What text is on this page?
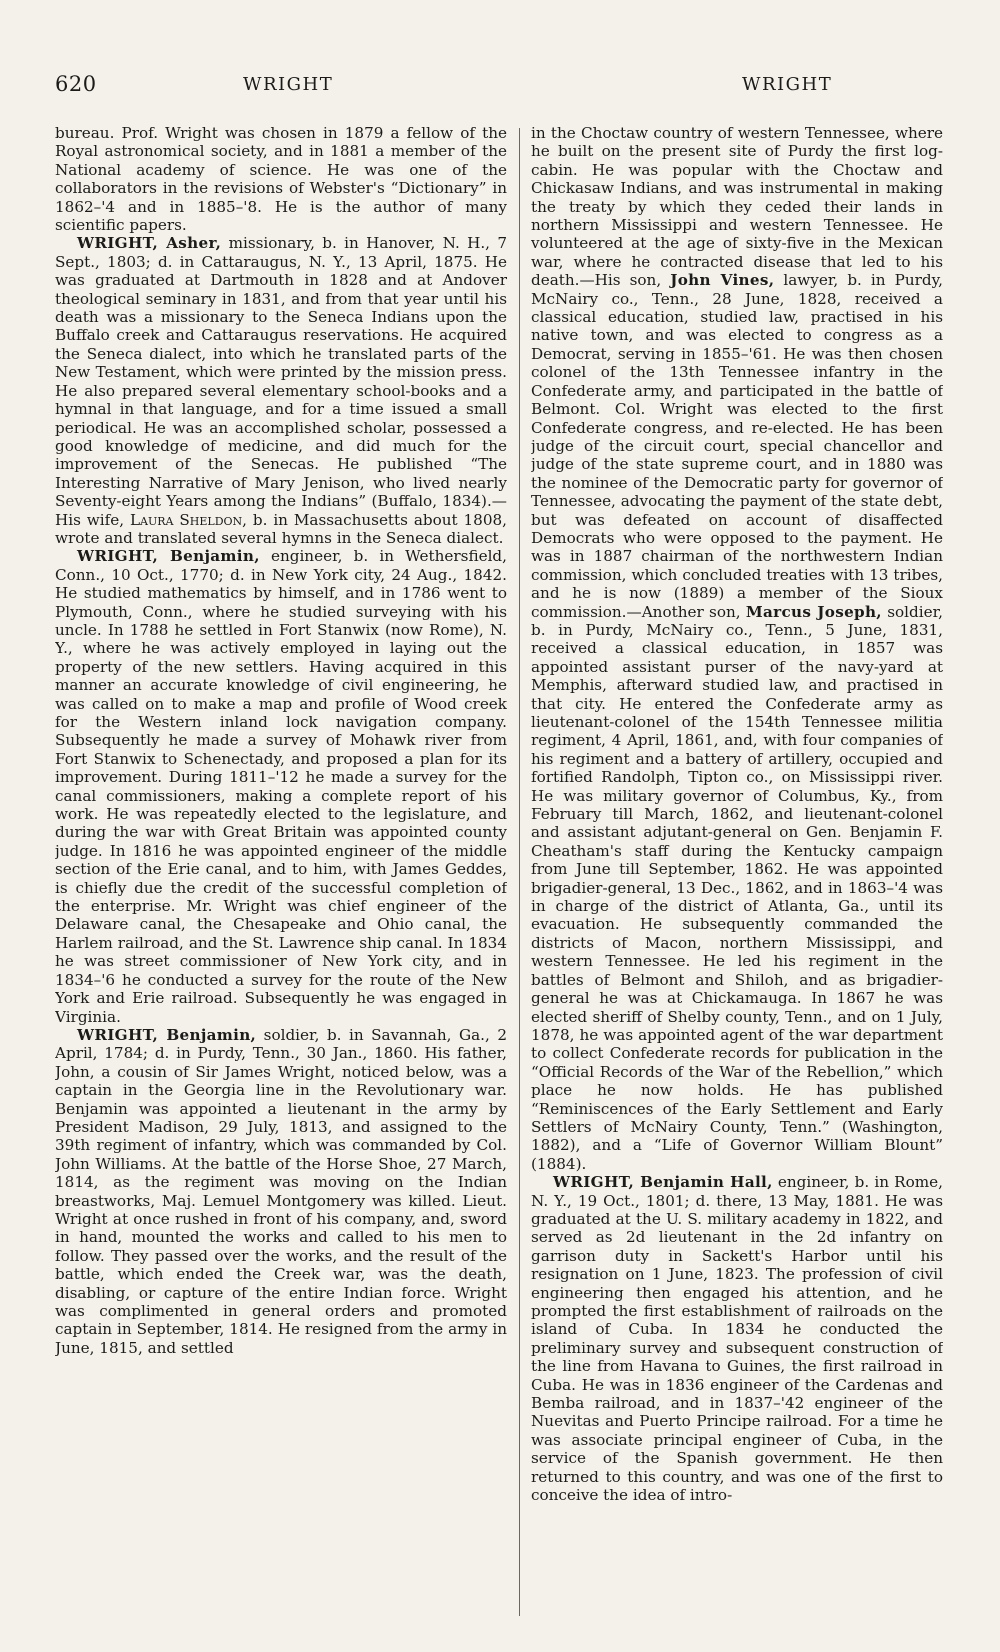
620	WRIGHT	WRIGHT

bureau. Prof. Wright was chosen in 1879 a fellow of the Royal astronomical society, and in 1881 a member of the National academy of science. He was one of the collaborators in the revisions of Webster's “Dictionary” in 1862–'4 and in 1885–'8. He is the author of many scientific papers.

WRIGHT, Asher, missionary, b. in Hanover, N. H., 7 Sept., 1803; d. in Cattaraugus, N. Y., 13 April, 1875. He was graduated at Dartmouth in 1828 and at Andover theological seminary in 1831, and from that year until his death was a missionary to the Seneca Indians upon the Buffalo creek and Cattaraugus reservations. He acquired the Seneca dialect, into which he translated parts of the New Testament, which were printed by the mission press. He also prepared several elementary school-books and a hymnal in that language, and for a time issued a small periodical. He was an accomplished scholar, possessed a good knowledge of medicine, and did much for the improvement of the Senecas. He published “The Interesting Narrative of Mary Jenison, who lived nearly Seventy-eight Years among the Indians” (Buffalo, 1834).—His wife, Laura Sheldon, b. in Massachusetts about 1808, wrote and translated several hymns in the Seneca dialect.

WRIGHT, Benjamin, engineer, b. in Wethersfield, Conn., 10 Oct., 1770; d. in New York city, 24 Aug., 1842. He studied mathematics by himself, and in 1786 went to Plymouth, Conn., where he studied surveying with his uncle. In 1788 he settled in Fort Stanwix (now Rome), N. Y., where he was actively employed in laying out the property of the new settlers. Having acquired in this manner an accurate knowledge of civil engineering, he was called on to make a map and profile of Wood creek for the Western inland lock navigation company. Subsequently he made a survey of Mohawk river from Fort Stanwix to Schenectady, and proposed a plan for its improvement. During 1811–'12 he made a survey for the canal commissioners, making a complete report of his work. He was repeatedly elected to the legislature, and during the war with Great Britain was appointed county judge. In 1816 he was appointed engineer of the middle section of the Erie canal, and to him, with James Geddes, is chiefly due the credit of the successful completion of the enterprise. Mr. Wright was chief engineer of the Delaware canal, the Chesapeake and Ohio canal, the Harlem railroad, and the St. Lawrence ship canal. In 1834 he was street commissioner of New York city, and in 1834–'6 he conducted a survey for the route of the New York and Erie railroad. Subsequently he was engaged in Virginia.

WRIGHT, Benjamin, soldier, b. in Savannah, Ga., 2 April, 1784; d. in Purdy, Tenn., 30 Jan., 1860. His father, John, a cousin of Sir James Wright, noticed below, was a captain in the Georgia line in the Revolutionary war. Benjamin was appointed a lieutenant in the army by President Madison, 29 July, 1813, and assigned to the 39th regiment of infantry, which was commanded by Col. John Williams. At the battle of the Horse Shoe, 27 March, 1814, as the regiment was moving on the Indian breastworks, Maj. Lemuel Montgomery was killed. Lieut. Wright at once rushed in front of his company, and, sword in hand, mounted the works and called to his men to follow. They passed over the works, and the result of the battle, which ended the Creek war, was the death, disabling, or capture of the entire Indian force. Wright was complimented in general orders and promoted captain in September, 1814. He resigned from the army in June, 1815, and settled

in the Choctaw country of western Tennessee, where he built on the present site of Purdy the first log-cabin. He was popular with the Choctaw and Chickasaw Indians, and was instrumental in making the treaty by which they ceded their lands in northern Mississippi and western Tennessee. He volunteered at the age of sixty-five in the Mexican war, where he contracted disease that led to his death.—His son, John Vines, lawyer, b. in Purdy, McNairy co., Tenn., 28 June, 1828, received a classical education, studied law, practised in his native town, and was elected to congress as a Democrat, serving in 1855–'61. He was then chosen colonel of the 13th Tennessee infantry in the Confederate army, and participated in the battle of Belmont. Col. Wright was elected to the first Confederate congress, and re-elected. He has been judge of the circuit court, special chancellor and judge of the state supreme court, and in 1880 was the nominee of the Democratic party for governor of Tennessee, advocating the payment of the state debt, but was defeated on account of disaffected Democrats who were opposed to the payment. He was in 1887 chairman of the northwestern Indian commission, which concluded treaties with 13 tribes, and he is now (1889) a member of the Sioux commission.—Another son, Marcus Joseph, soldier, b. in Purdy, McNairy co., Tenn., 5 June, 1831, received a classical education, in 1857 was appointed assistant purser of the navy-yard at Memphis, afterward studied law, and practised in that city. He entered the Confederate army as lieutenant-colonel of the 154th Tennessee militia regiment, 4 April, 1861, and, with four companies of his regiment and a battery of artillery, occupied and fortified Randolph, Tipton co., on Mississippi river. He was military governor of Columbus, Ky., from February till March, 1862, and lieutenant-colonel and assistant adjutant-general on Gen. Benjamin F. Cheatham's staff during the Kentucky campaign from June till September, 1862. He was appointed brigadier-general, 13 Dec., 1862, and in 1863–'4 was in charge of the district of Atlanta, Ga., until its evacuation. He subsequently commanded the districts of Macon, northern Mississippi, and western Tennessee. He led his regiment in the battles of Belmont and Shiloh, and as brigadier-general he was at Chickamauga. In 1867 he was elected sheriff of Shelby county, Tenn., and on 1 July, 1878, he was appointed agent of the war department to collect Confederate records for publication in the “Official Records of the War of the Rebellion,” which place he now holds. He has published “Reminiscences of the Early Settlement and Early Settlers of McNairy County, Tenn.” (Washington, 1882), and a “Life of Governor William Blount” (1884).

WRIGHT, Benjamin Hall, engineer, b. in Rome, N. Y., 19 Oct., 1801; d. there, 13 May, 1881. He was graduated at the U. S. military academy in 1822, and served as 2d lieutenant in the 2d infantry on garrison duty in Sackett's Harbor until his resignation on 1 June, 1823. The profession of civil engineering then engaged his attention, and he prompted the first establishment of railroads on the island of Cuba. In 1834 he conducted the preliminary survey and subsequent construction of the line from Havana to Guines, the first railroad in Cuba. He was in 1836 engineer of the Cardenas and Bemba railroad, and in 1837–'42 engineer of the Nuevitas and Puerto Principe railroad. For a time he was associate principal engineer of Cuba, in the service of the Spanish government. He then returned to this country, and was one of the first to conceive the idea of intro-
